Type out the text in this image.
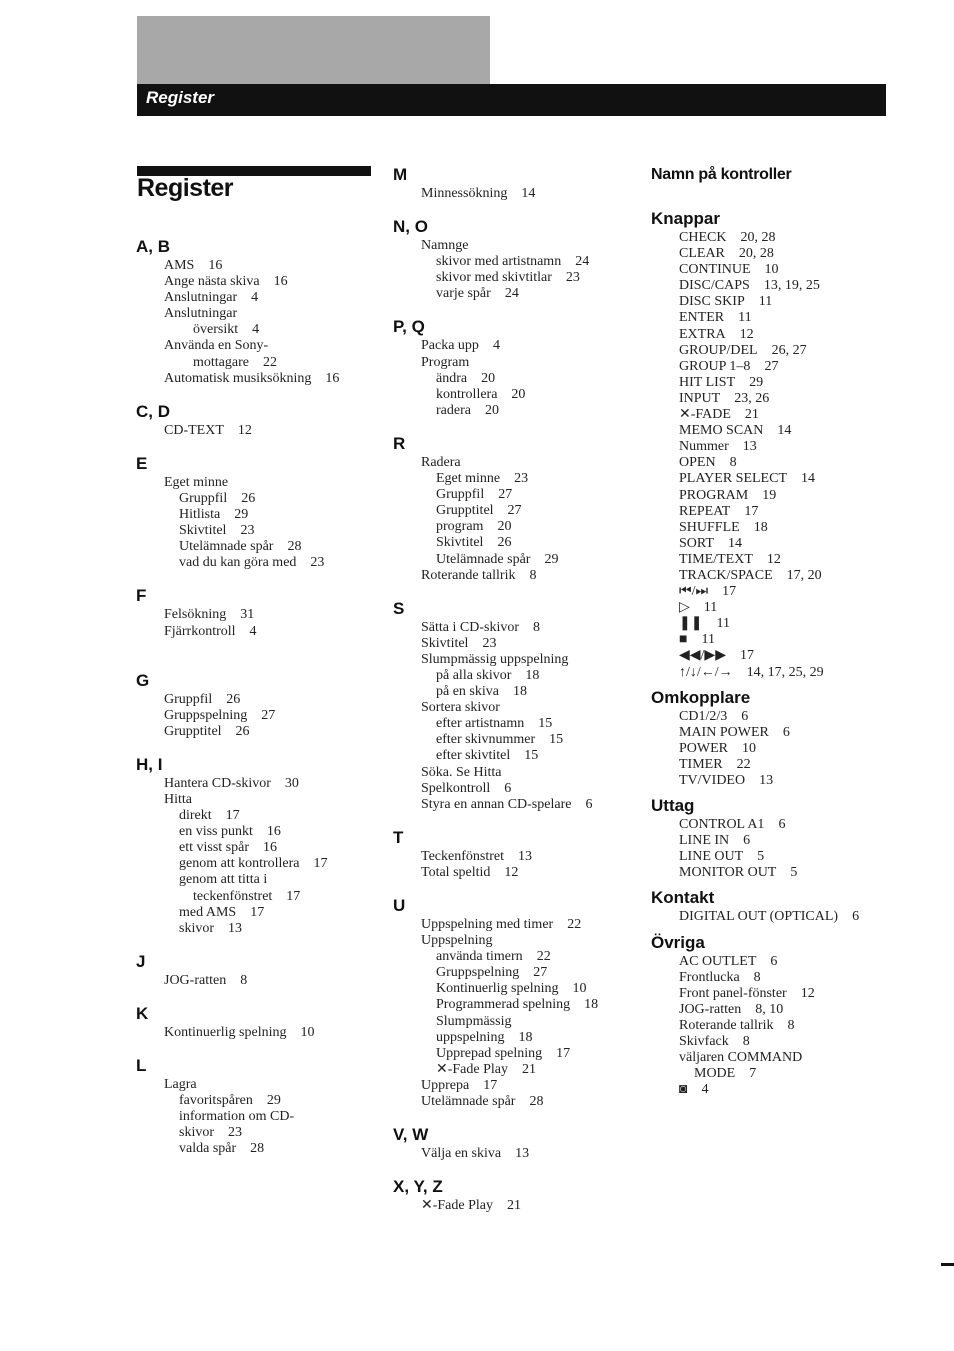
Register
Register
A, B
AMS 16
Ange nästa skiva 16
Anslutningar 4
Anslutningar
översikt 4
Använda en Sony-
mottagare 22
Automatisk musiksökning 16
C, D
CD-TEXT 12
E
Eget minne
Gruppfil 26
Hitlista 29
Skivtitel 23
Utelämnade spår 28
vad du kan göra med 23
F
Felsökning 31
Fjärrkontroll 4
G
Gruppfil 26
Gruppspelning 27
Grupptitel 26
H, I
Hantera CD-skivor 30
Hitta
direkt 17
en viss punkt 16
ett visst spår 16
genom att kontrollera 17
genom att titta i
teckenfönstret 17
med AMS 17
skivor 13
J
JOG-ratten 8
K
Kontinuerlig spelning 10
L
Lagra
favoritspåren 29
information om CD-
skivor 23
valda spår 28
M
Minnessökning 14
N, O
Namnge
skivor med artistnamn 24
skivor med skivtitlar 23
varje spår 24
P, Q
Packa upp 4
Program
ändra 20
kontrollera 20
radera 20
R
Radera
Eget minne 23
Gruppfil 27
Grupptitel 27
program 20
Skivtitel 26
Utelämnade spår 29
Roterande tallrik 8
S
Sätta i CD-skivor 8
Skivtitel 23
Slumpmässig uppspelning
på alla skivor 18
på en skiva 18
Sortera skivor
efter artistnamn 15
efter skivnummer 15
efter skivtitel 15
Söka. Se Hitta
Spelkontroll 6
Styra en annan CD-spelare 6
T
Teckenfönstret 13
Total speltid 12
U
Uppspelning med timer 22
Uppspelning
använda timern 22
Gruppspelning 27
Kontinuerlig spelning 10
Programmerad spelning 18
Slumpmässig
uppspelning 18
Upprepad spelning 17
✕-Fade Play 21
Upprepa 17
Utelämnade spår 28
V, W
Välja en skiva 13
X, Y, Z
✕-Fade Play 21
Namn på kontroller
Knappar
CHECK 20, 28
CLEAR 20, 28
CONTINUE 10
DISC/CAPS 13, 19, 25
DISC SKIP 11
ENTER 11
EXTRA 12
GROUP/DEL 26, 27
GROUP 1–8 27
HIT LIST 29
INPUT 23, 26
✕-FADE 21
MEMO SCAN 14
Nummer 13
OPEN 8
PLAYER SELECT 14
PROGRAM 19
REPEAT 17
SHUFFLE 18
SORT 14
TIME/TEXT 12
TRACK/SPACE 17, 20
⏮/⏭ 17
▷ 11
❚❚ 11
■ 11
◀◀/▶▶ 17
↑/↓/←/→ 14, 17, 25, 29
Omkopplare
CD1/2/3 6
MAIN POWER 6
POWER 10
TIMER 22
TV/VIDEO 13
Uttag
CONTROL A1 6
LINE IN 6
LINE OUT 5
MONITOR OUT 5
Kontakt
DIGITAL OUT (OPTICAL) 6
Övriga
AC OUTLET 6
Frontlucka 8
Front panel-fönster 12
JOG-ratten 8, 10
Roterande tallrik 8
Skivfack 8
väljaren COMMAND
MODE 7
◙ 4
